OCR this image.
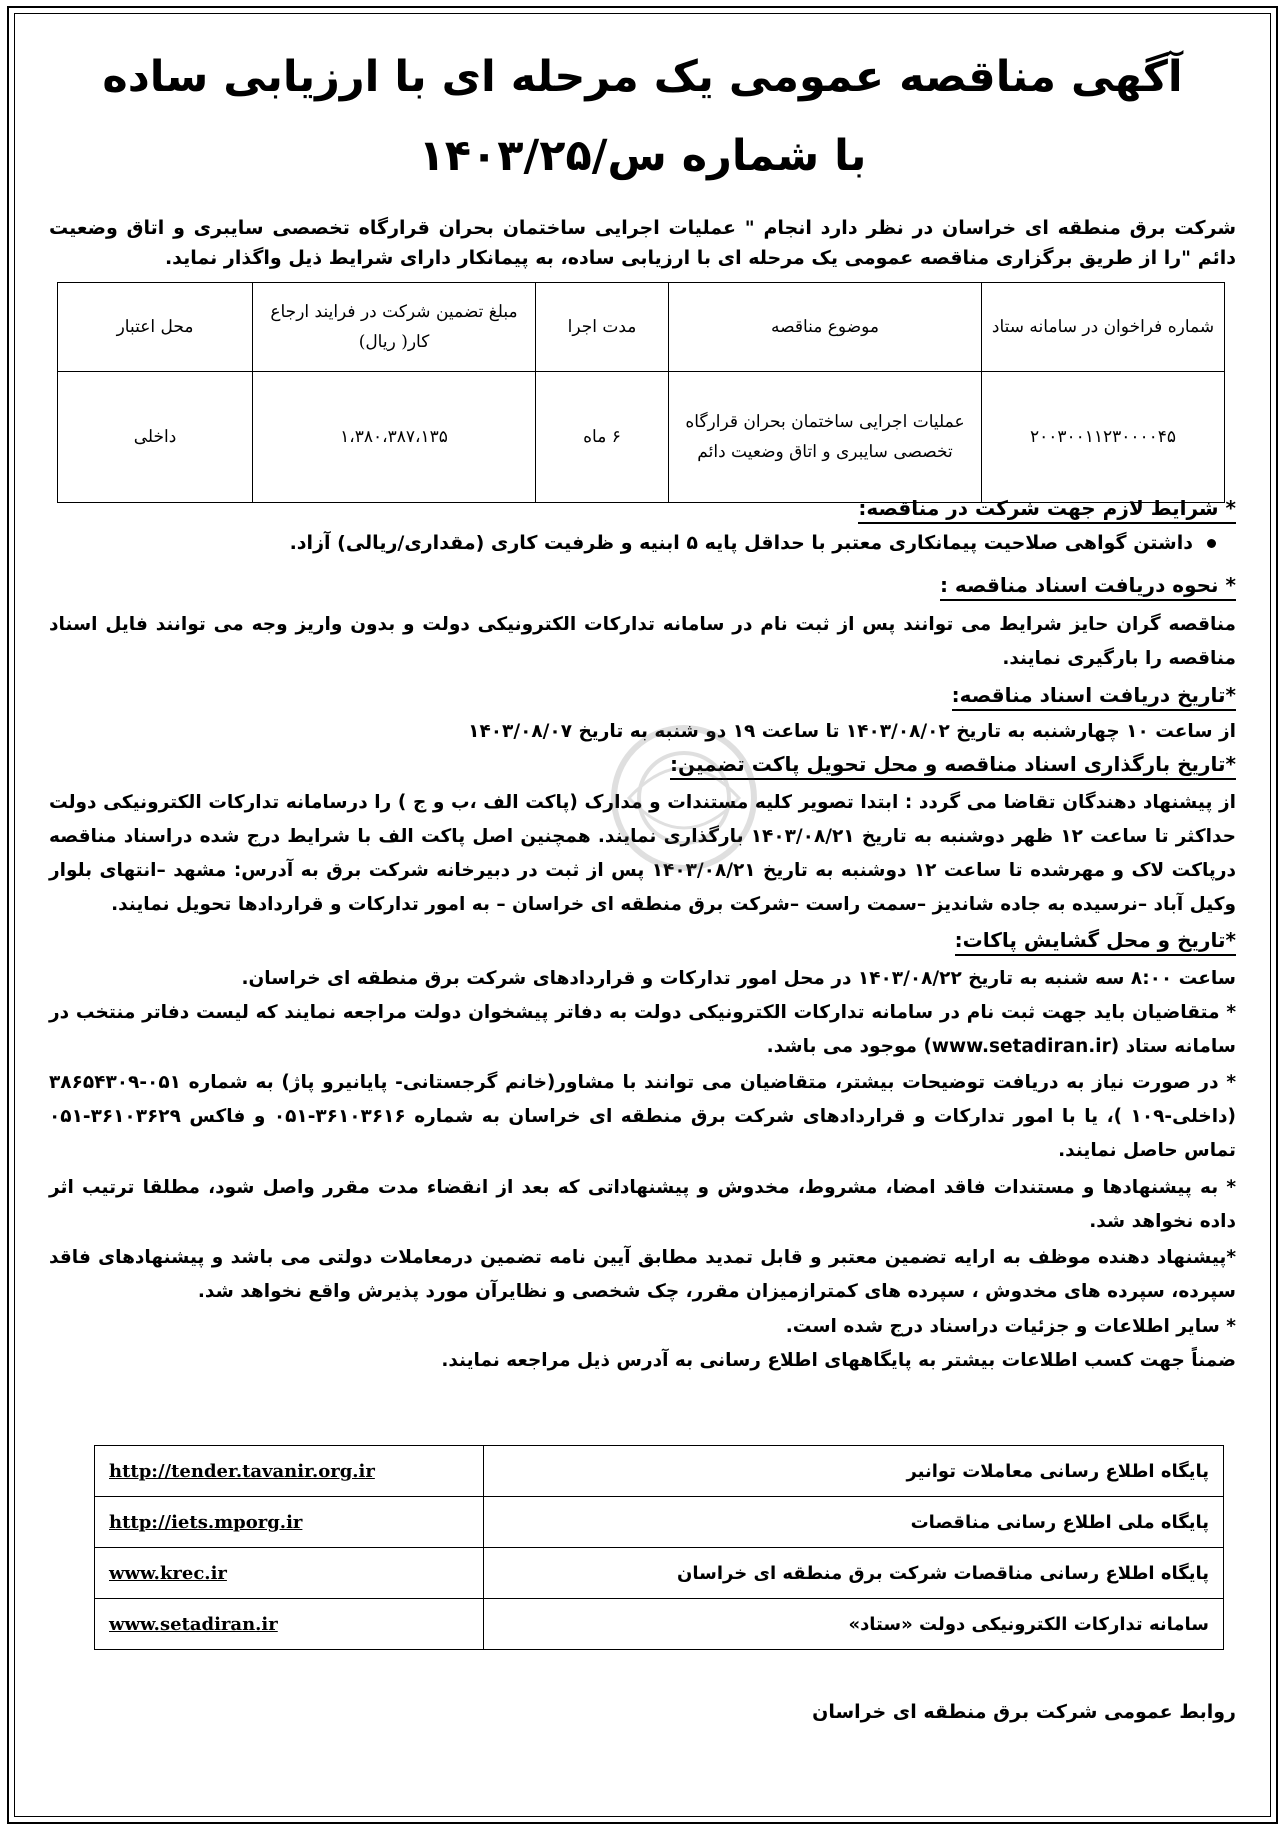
آگهی مناقصه عمومی یک مرحله ای با ارزیابی ساده
با شماره س/۱۴۰۳/۲۵
شرکت برق منطقه ای خراسان در نظر دارد انجام " عملیات اجرایی ساختمان بحران قرارگاه تخصصی سایبری و اتاق وضعیت دائم "را از طریق برگزاری مناقصه عمومی یک مرحله ای با ارزیابی ساده، به پیمانکار دارای شرایط ذیل واگذار نماید.
شماره فراخوان در سامانه ستاد	موضوع مناقصه	مدت اجرا	مبلغ تضمین شرکت در فرایند ارجاع کار( ریال)	محل اعتبار
۲۰۰۳۰۰۱۱۲۳۰۰۰۰۴۵	عملیات اجرایی ساختمان بحران قرارگاه تخصصی سایبری و اتاق وضعیت دائم	۶ ماه	۱،۳۸۰،۳۸۷،۱۳۵	داخلی
* شرایط لازم جهت شرکت در مناقصه:
داشتن گواهی صلاحیت پیمانکاری معتبر با حداقل پایه ۵ ابنیه و ظرفیت کاری (مقداری/ریالی) آزاد.
* نحوه دریافت اسناد مناقصه :
مناقصه گران حایز شرایط می توانند پس از ثبت نام در سامانه تدارکات الکترونیکی دولت و بدون واریز وجه می توانند فایل اسناد مناقصه را بارگیری نمایند.
*تاریخ دریافت اسناد مناقصه:
از ساعت ۱۰ چهارشنبه به تاریخ ۱۴۰۳/۰۸/۰۲ تا ساعت ۱۹ دو شنبه به تاریخ ۱۴۰۳/۰۸/۰۷
*تاریخ بارگذاری اسناد مناقصه و محل تحویل پاکت تضمین:
از پیشنهاد دهندگان تقاضا می گردد : ابتدا تصویر کلیه مستندات و مدارک (پاکت الف ،ب و ج ) را درسامانه تدارکات الکترونیکی دولت حداکثر تا ساعت ۱۲ ظهر دوشنبه به تاریخ ۱۴۰۳/۰۸/۲۱ بارگذاری نمایند. همچنین اصل پاکت الف با شرایط درج شده دراسناد مناقصه درپاکت لاک و مهرشده تا ساعت ۱۲ دوشنبه به تاریخ ۱۴۰۳/۰۸/۲۱ پس از ثبت در دبیرخانه شرکت برق به آدرس: مشهد –انتهای بلوار وکیل آباد –نرسیده به جاده شاندیز –سمت راست –شرکت برق منطقه ای خراسان – به امور تدارکات و قراردادها تحویل نمایند.
*تاریخ و محل گشایش پاکات:
ساعت ۸:۰۰ سه شنبه به تاریخ ۱۴۰۳/۰۸/۲۲ در محل امور تدارکات و قراردادهای شرکت برق منطقه ای خراسان.
* متقاضیان باید جهت ثبت نام در سامانه تدارکات الکترونیکی دولت به دفاتر پیشخوان دولت مراجعه نمایند که لیست دفاتر منتخب در سامانه ستاد (www.setadiran.ir) موجود می باشد.
* در صورت نیاز به دریافت توضیحات بیشتر، متقاضیان می توانند با مشاور(خانم گرجستانی- پایانیرو پاژ) به شماره ۰۵۱-۳۸۶۵۴۳۰۹ (داخلی-۱۰۹ )، یا با امور تدارکات و قراردادهای شرکت برق منطقه ای خراسان به شماره ۳۶۱۰۳۶۱۶-۰۵۱ و فاکس ۳۶۱۰۳۶۲۹-۰۵۱ تماس حاصل نمایند.
* به پیشنهادها و مستندات فاقد امضا، مشروط، مخدوش و پیشنهاداتی که بعد از انقضاء مدت مقرر واصل شود، مطلقا ترتیب اثر داده نخواهد شد.
*پیشنهاد دهنده موظف به ارایه تضمین معتبر و قابل تمدید مطابق آیین نامه تضمین درمعاملات دولتی می باشد و پیشنهادهای فاقد سپرده، سپرده های مخدوش ، سپرده های کمترازمیزان مقرر، چک شخصی و نظایرآن مورد پذیرش واقع نخواهد شد.
* سایر اطلاعات و جزئیات دراسناد درج شده است.
ضمناً جهت کسب اطلاعات بیشتر به پایگاههای اطلاع رسانی به آدرس ذیل مراجعه نمایند.
پایگاه اطلاع رسانی معاملات توانیر	http://tender.tavanir.org.ir
پایگاه ملی اطلاع رسانی مناقصات	http://iets.mporg.ir
پایگاه اطلاع رسانی مناقصات شرکت برق منطقه ای خراسان	www.krec.ir
سامانه تدارکات الکترونیکی دولت «ستاد»	www.setadiran.ir
روابط عمومی شرکت برق منطقه ای خراسان
